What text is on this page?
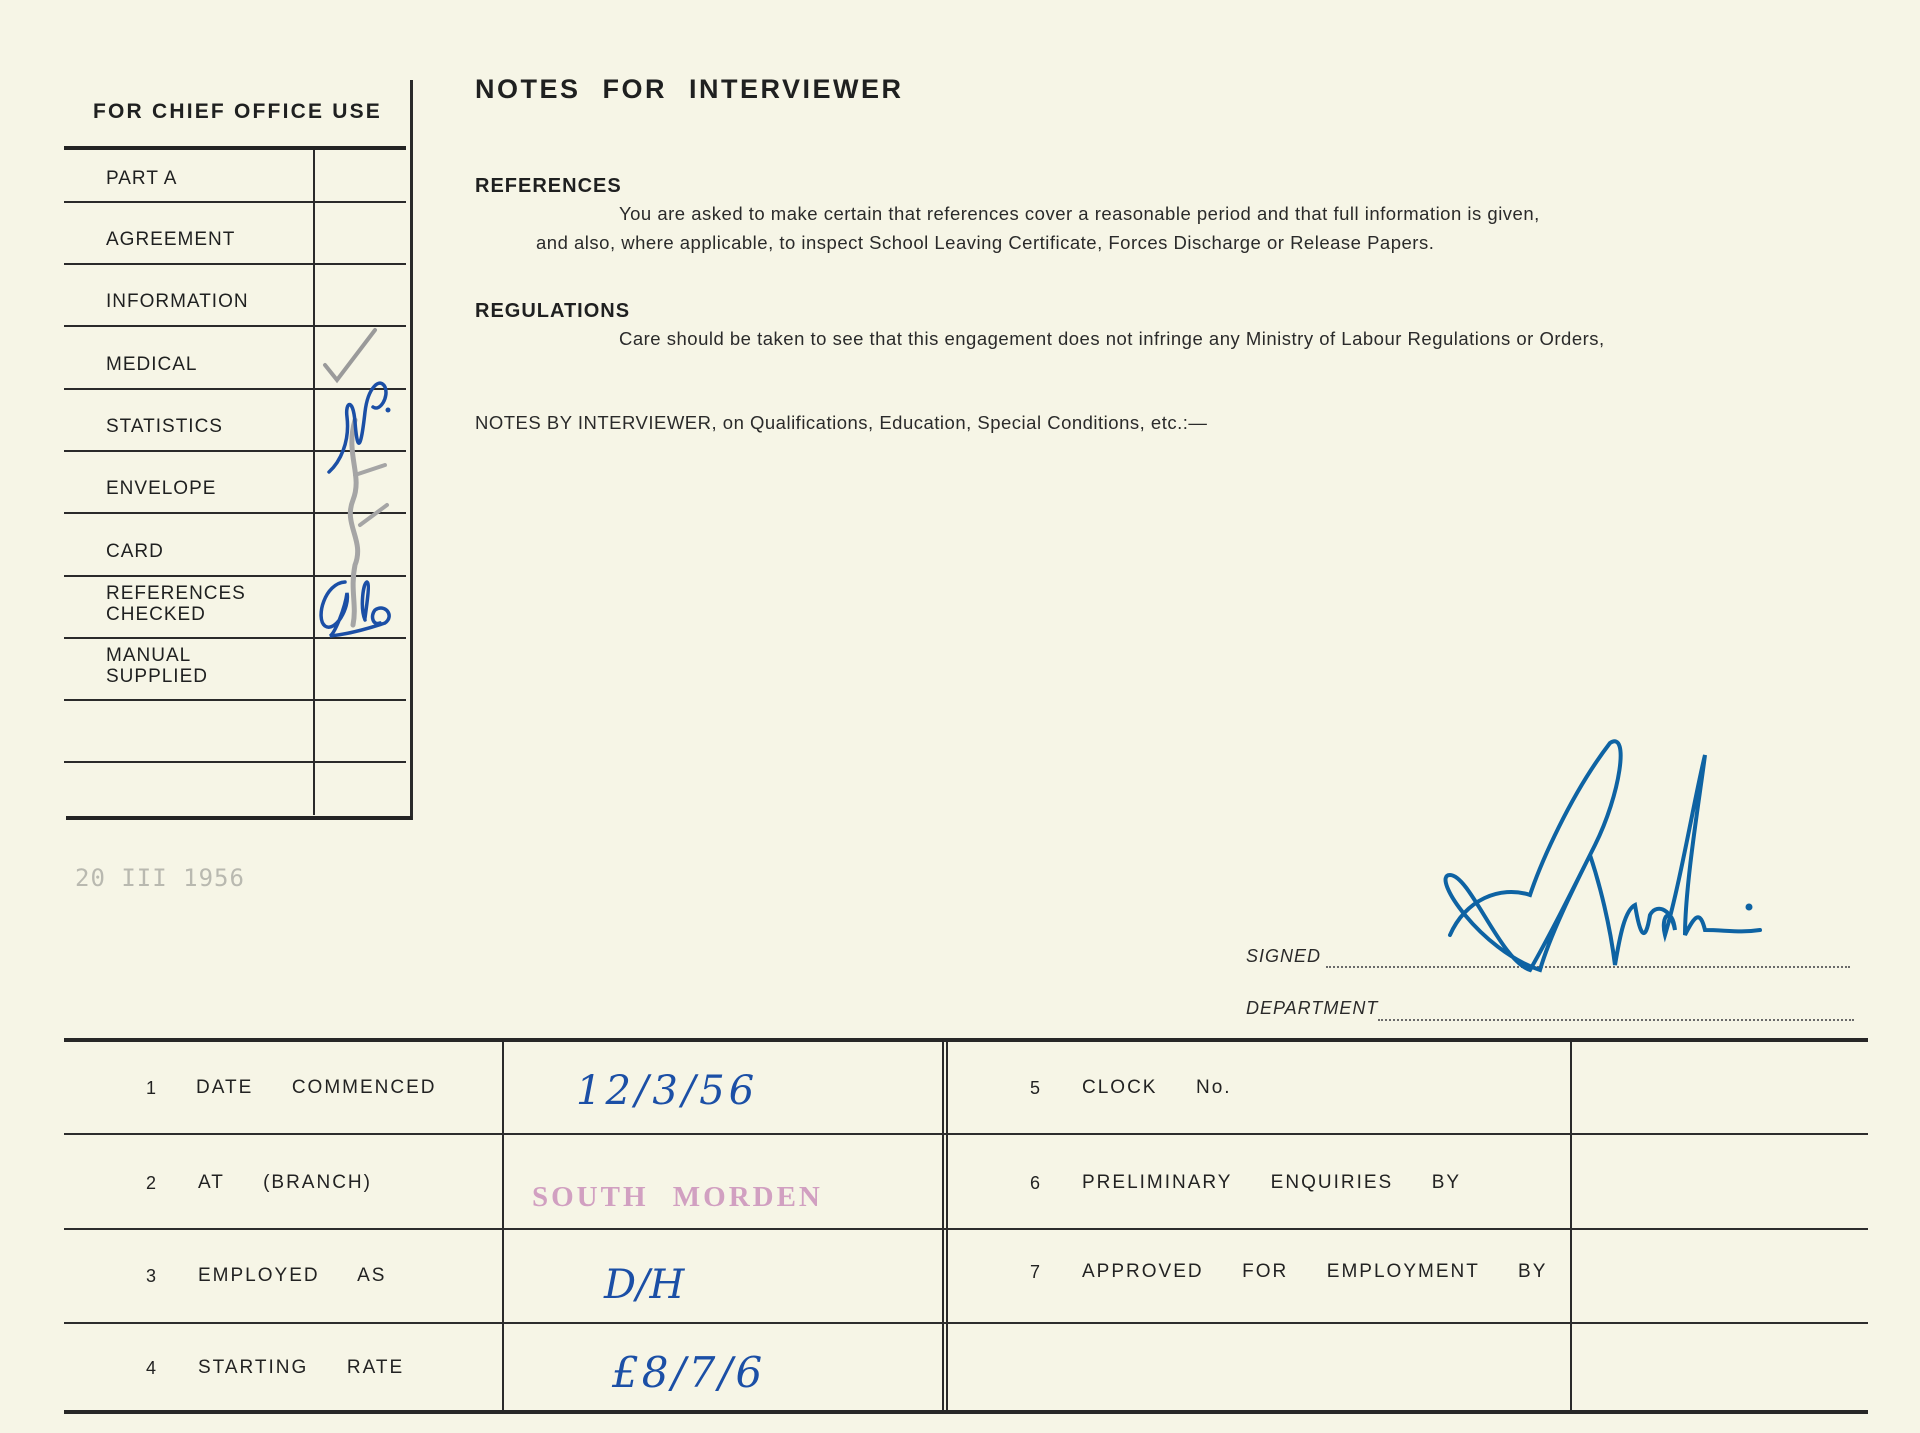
FOR CHIEF OFFICE USE
PART A
AGREEMENT
INFORMATION
MEDICAL
STATISTICS
ENVELOPE
CARD
REFERENCES
CHECKED
MANUAL
SUPPLIED
20 III 1956
NOTES FOR INTERVIEWER
REFERENCES
You are asked to make certain that references cover a reasonable period and that full information is given,
and also, where applicable, to inspect School Leaving Certificate, Forces Discharge or Release Papers.
REGULATIONS
Care should be taken to see that this engagement does not infringe any Ministry of Labour Regulations or Orders,
NOTES BY INTERVIEWER, on Qualifications, Education, Special Conditions, etc.:—
SIGNED
DEPARTMENT
1 DATE  COMMENCED	12/3/56
2 AT  (BRANCH)	SOUTH MORDEN
3 EMPLOYED  AS	D/H
4 STARTING  RATE	£8/7/6
5 CLOCK  No.
6 PRELIMINARY  ENQUIRIES  BY
7 APPROVED  FOR  EMPLOYMENT  BY
